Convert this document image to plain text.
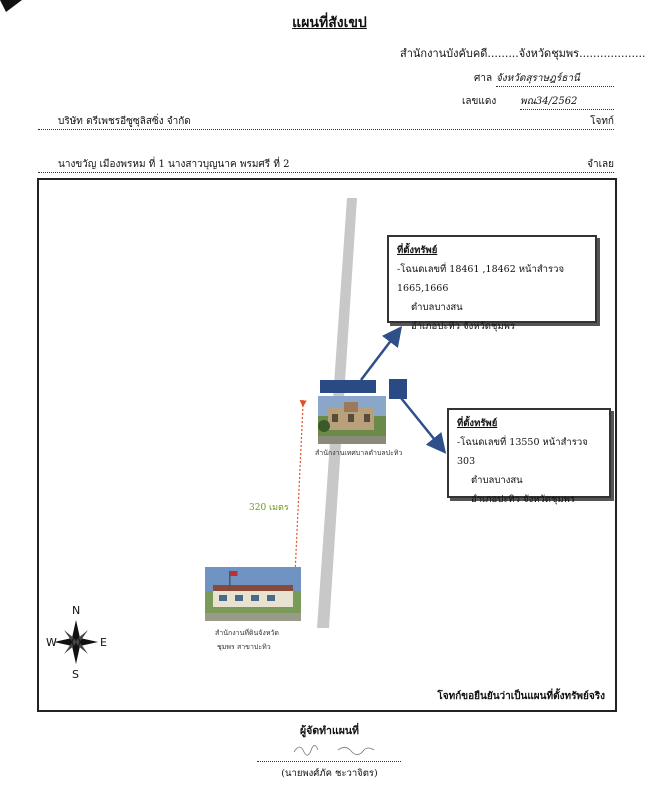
แผนที่สังเขป
สำนักงานบังคับคดี.........จังหวัดชุมพร...................
ศาล จังหวัดสุราษฎร์ธานี
เลขแดง พณ34/2562
บริษัท ตรีเพชรอีซูซุลิสซิ่ง จำกัด	โจทก์
นางขวัญ เมืองพรหม ที่ 1 นางสาวบุญนาค พรมศรี ที่ 2	จำเลย
N
S
E
W
ที่ตั้งทรัพย์
-โฉนดเลขที่ 18461 ,18462 หน้าสำรวจ 1665,1666
ตำบลบางสน
อำเภอปะทิว จังหวัดชุมพร
ที่ตั้งทรัพย์
-โฉนดเลขที่ 13550 หน้าสำรวจ 303
ตำบลบางสน
อำเภอปะทิว จังหวัดชุมพร
สำนักงานเทศบาลตำบลปะทิว
320 เมตร
สำนักงานที่ดินจังหวัด
ชุมพร สาขาปะทิว
โจทก์ขอยืนยันว่าเป็นแผนที่ตั้งทรัพย์จริง
ผู้จัดทำแผนที่
(นายพงศ์ภัค ชะวาจิตร)
